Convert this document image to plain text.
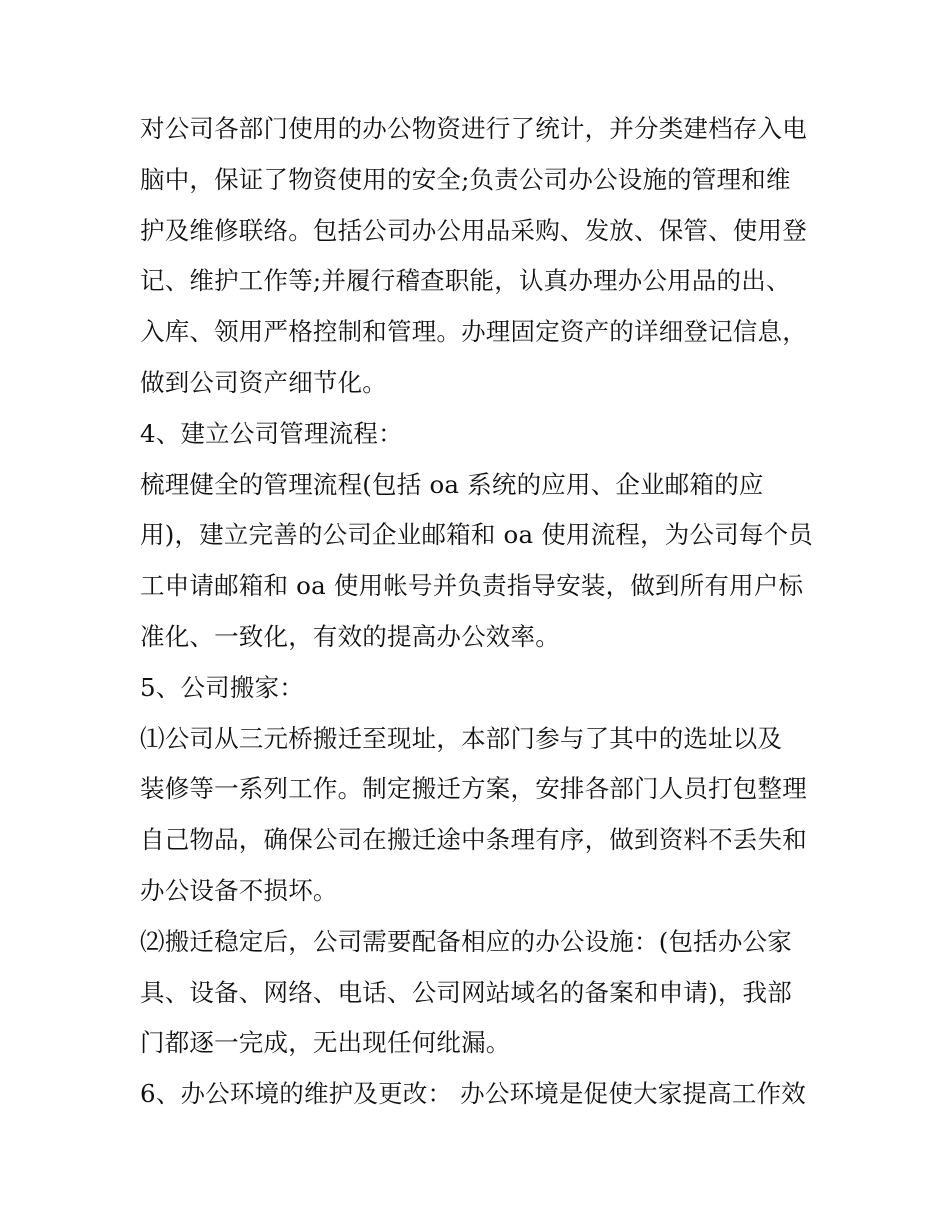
对公司各部门使用的办公物资进行了统计，并分类建档存入电
脑中，保证了物资使用的安全;负责公司办公设施的管理和维
护及维修联络。包括公司办公用品采购、发放、保管、使用登
记、维护工作等;并履行稽查职能，认真办理办公用品的出、
入库、领用严格控制和管理。办理固定资产的详细登记信息，
做到公司资产细节化。
4、建立公司管理流程：
梳理健全的管理流程(包括 oa 系统的应用、企业邮箱的应
用)，建立完善的公司企业邮箱和 oa 使用流程，为公司每个员
工申请邮箱和 oa 使用帐号并负责指导安装，做到所有用户标
准化、一致化，有效的提高办公效率。
5、公司搬家：
⑴公司从三元桥搬迁至现址，本部门参与了其中的选址以及
装修等一系列工作。制定搬迁方案，安排各部门人员打包整理
自己物品，确保公司在搬迁途中条理有序，做到资料不丢失和
办公设备不损坏。
⑵搬迁稳定后，公司需要配备相应的办公设施：(包括办公家
具、设备、网络、电话、公司网站域名的备案和申请)，我部
门都逐一完成，无出现任何纰漏。
6、办公环境的维护及更改： 办公环境是促使大家提高工作效
